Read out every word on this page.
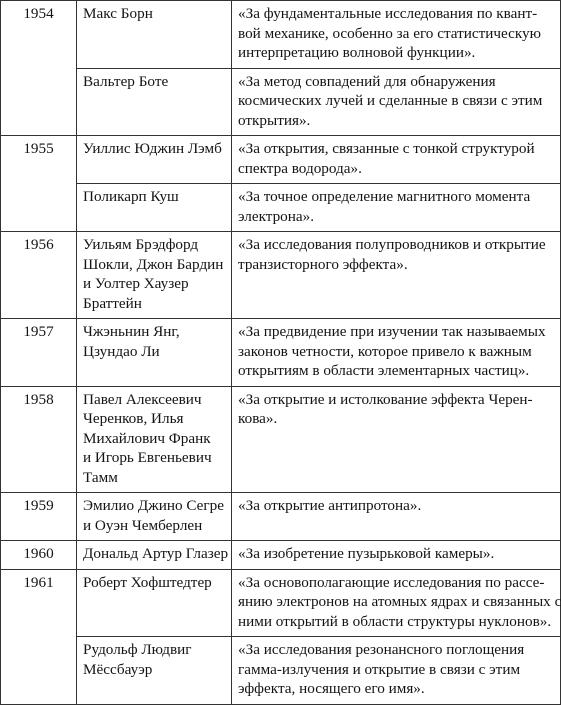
1954	Макс Борн	«За фундаментальные исследования по квант-
вой механике, особенно за его статистическую
интерпретацию волновой функции».

	Вальтер Боте	«За метод совпадений для обнаружения
космических лучей и сделанные в связи с этим
открытия».

1955	Уиллис Юджин Лэмб	«За открытия, связанные с тонкой структурой
спектра водорода».

	Поликарп Куш	«За точное определение магнитного момента
электрона».

1956	Уильям Брэдфорд
Шокли, Джон Бардин
и Уолтер Хаузер
Браттейн	«За исследования полупроводников и открытие
транзисторного эффекта».

1957	Чжэньнин Янг,
Цзундао Ли	«За предвидение при изучении так называемых
законов четности, которое привело к важным
открытиям в области элементарных частиц».

1958	Павел Алексеевич
Черенков, Илья
Михайлович Франк
и Игорь Евгеньевич
Тамм	«За открытие и истолкование эффекта Черен-
кова».

1959	Эмилио Джино Сегре
и Оуэн Чемберлен	«За открытие антипротона».

1960	Дональд Артур Глазер	«За изобретение пузырьковой камеры».

1961	Роберт Хофштедтер	«За основополагающие исследования по рассе-
янию электронов на атомных ядрах и связанных с
ними открытий в области структуры нуклонов».

	Рудольф Людвиг
Мёссбауэр	«За исследования резонансного поглощения
гамма-излучения и открытие в связи с этим
эффекта, носящего его имя».
